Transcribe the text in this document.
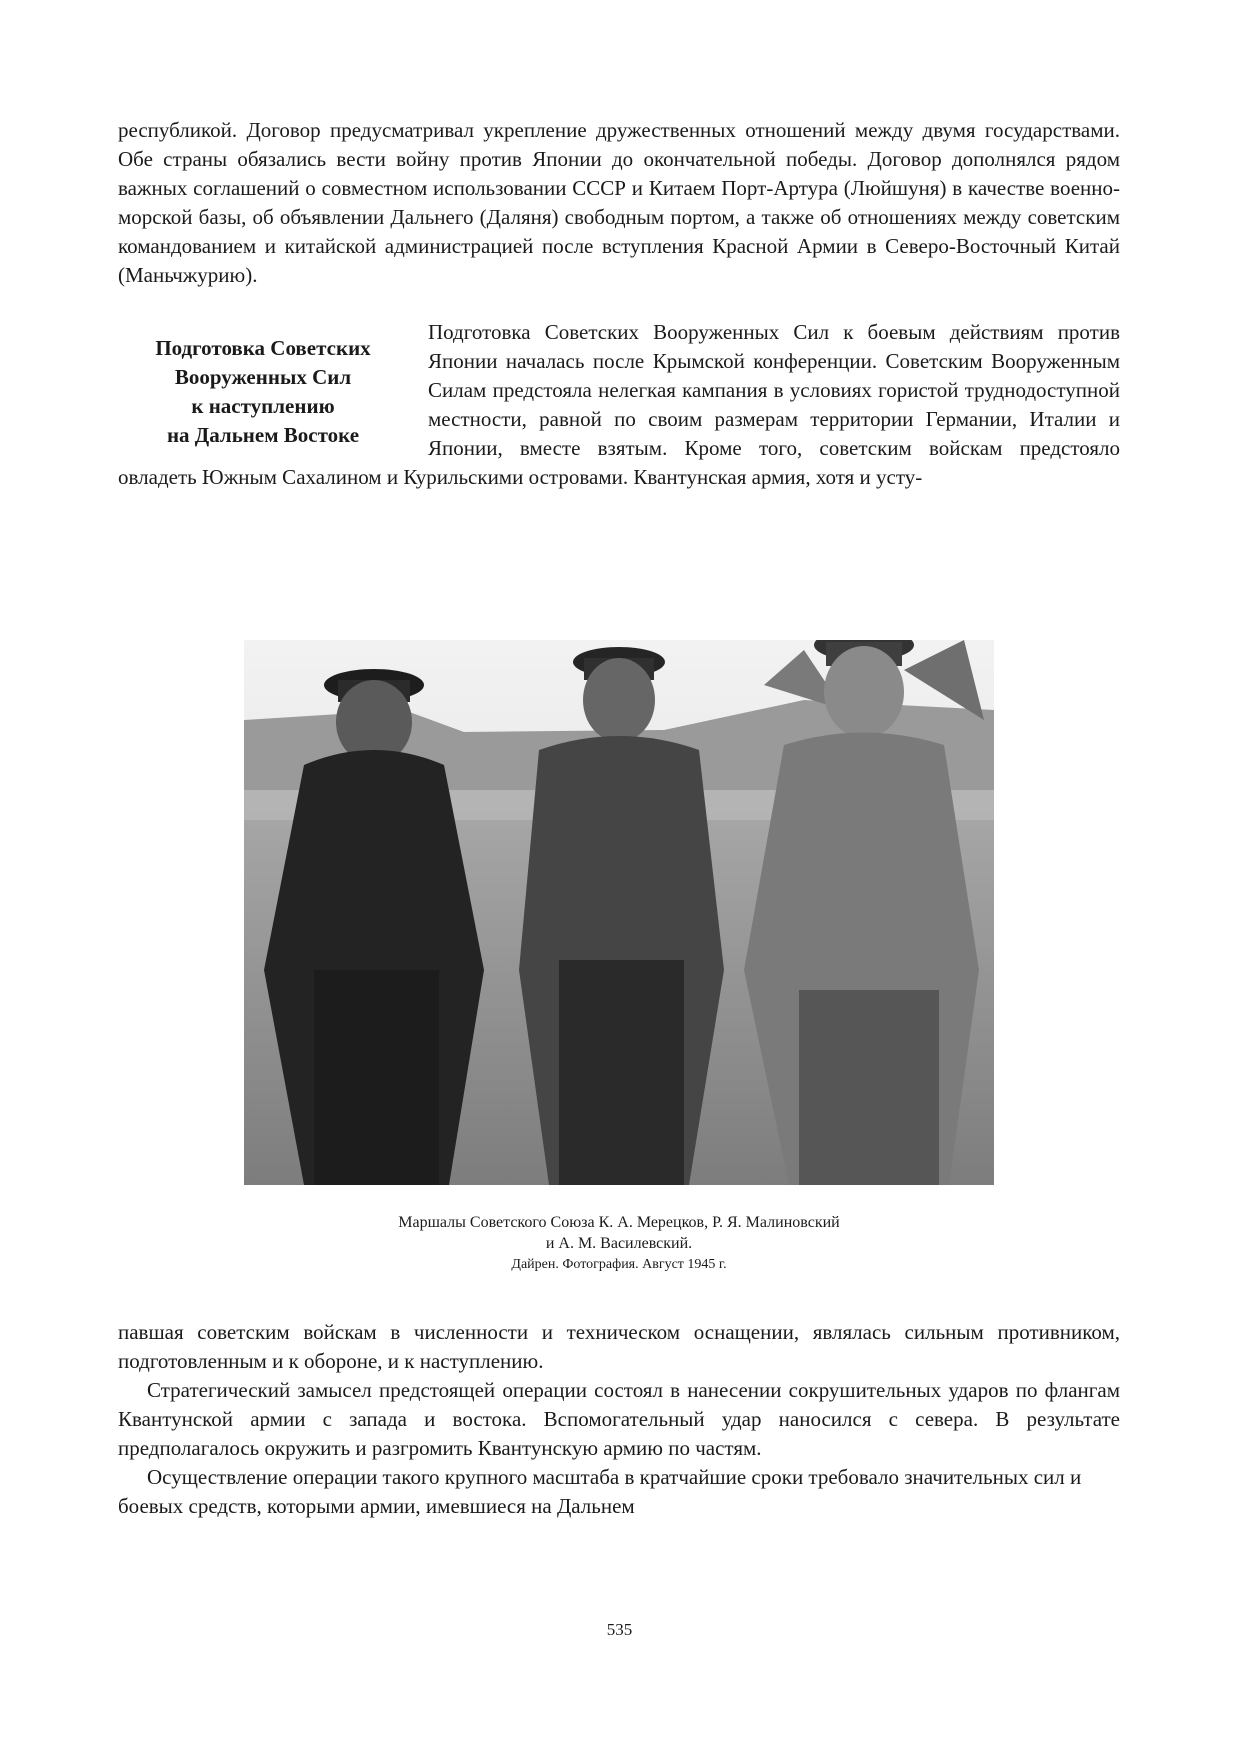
республикой. Договор предусматривал укрепление дружественных отношений между двумя государствами. Обе страны обязались вести войну против Японии до окончательной победы. Договор дополнялся рядом важных соглашений о совместном использовании СССР и Китаем Порт-Артура (Люйшуня) в качестве военно-морской базы, об объявлении Дальнего (Даляня) свободным портом, а также об отношениях между советским командованием и китайской администрацией после вступления Красной Армии в Северо-Восточный Китай (Маньчжурию).

Подготовка Советских
Вооруженных Сил
к наступлению
на Дальнем Востоке

Подготовка Советских Вооруженных Сил к боевым действиям против Японии началась после Крымской конференции. Советским Вооруженным Силам предстояла нелегкая кампания в условиях гористой труднодоступной местности, равной по своим размерам территории Германии, Италии и Японии, вместе взятым. Кроме того, советским войскам предстояло овладеть Южным Сахалином и Курильскими островами. Квантунская армия, хотя и усту-

Маршалы Советского Союза К. А. Мерецков, Р. Я. Малиновский
и А. М. Василевский.
Дайрен. Фотография. Август 1945 г.

павшая советским войскам в численности и техническом оснащении, являлась сильным противником, подготовленным и к обороне, и к наступлению.

Стратегический замысел предстоящей операции состоял в нанесении сокрушительных ударов по флангам Квантунской армии с запада и востока. Вспомогательный удар наносился с севера. В результате предполагалось окружить и разгромить Квантунскую армию по частям.

Осуществление операции такого крупного масштаба в кратчайшие сроки требовало значительных сил и боевых средств, которыми армии, имевшиеся на Дальнем

535
